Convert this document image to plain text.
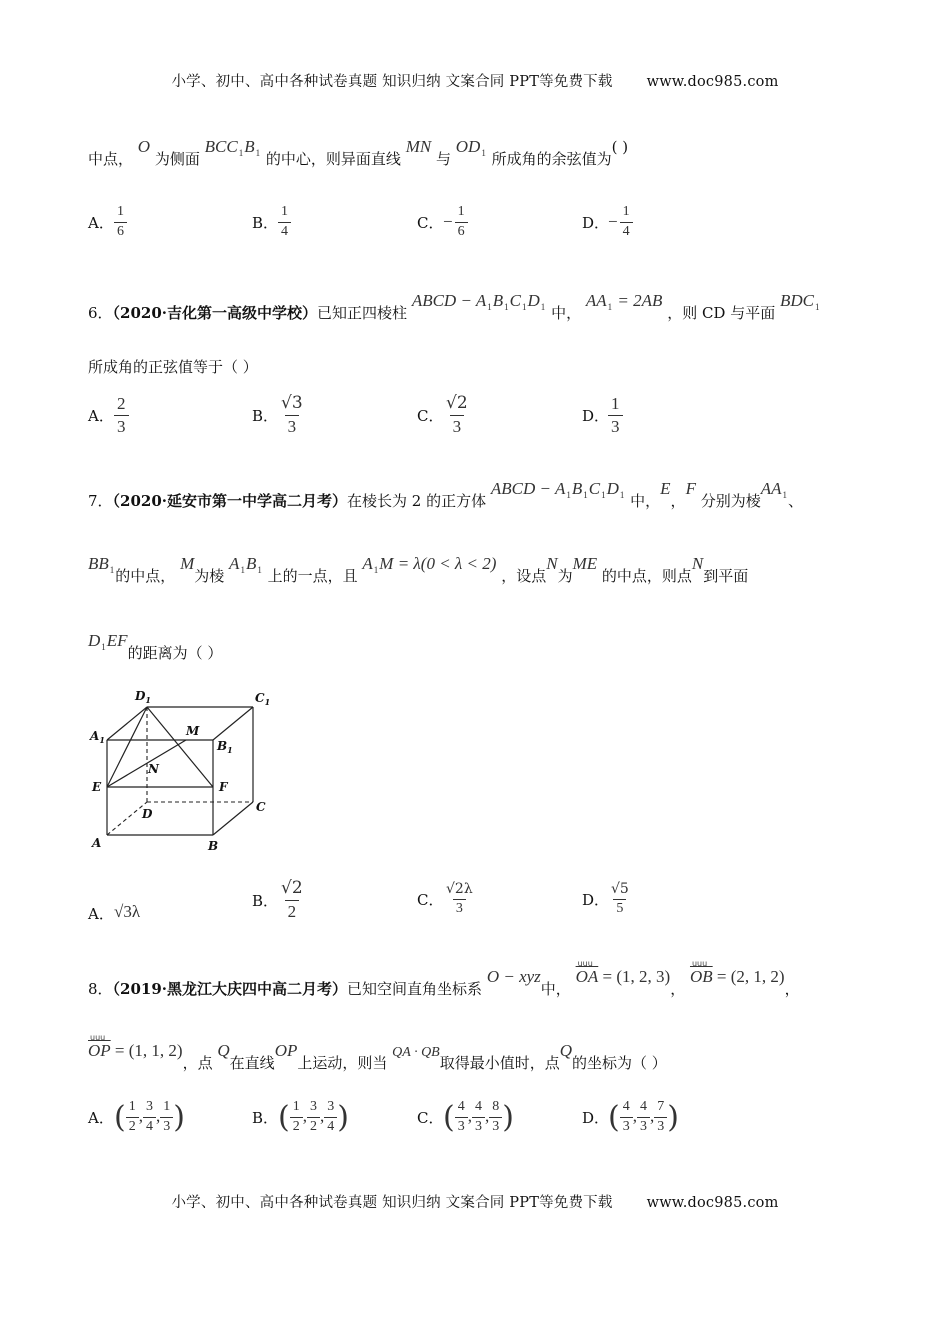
小学、初中、高中各种试卷真题 知识归纳 文案合同 PPT等免费下载 www.doc985.com
中点， O 为侧面 $BCC_1B_1$ 的中心，则异面直线 MN 与 $OD_1$ 所成角的余弦值为( )
A． $\frac{1}{6}$	B． $\frac{1}{4}$	C．− $\frac{1}{6}$	D．− $\frac{1}{4}$
6．（2020·吉化第一高级中学校）已知正四棱柱 ABCD − $A_1B_1C_1D_1$ 中， $AA_1 = 2AB$ ，则 CD 与平面 $BDC_1$
所成角的正弦值等于（ ）
A． $\frac{2}{3}$	B． $\frac{√3}{3}$	C． $\frac{√2}{3}$	D．
$\frac{1}{3}$
7．（2020·延安市第一中学高二月考）在棱长为 2 的正方体 ABCD − $A_1B_1C_1D_1$ 中，E，F 分别为棱$AA_1$、
$BB_1$的中点， M为棱 $A_1B_1$ 上的一点，且 $A_1M = \lambda(0 < \lambda < 2)$ ，设点N为ME 的中点，则点N到平面
$D_1EF$的距离为（ ）
$D_1$	$C_1$
$A_1$	$B_1$
M
N
E	F
D	C
A	B
A．√3λ
B． $\frac{√2}{2}$	C． $\frac{√2\lambda}{3}$	D．
$\frac{√5}{5}$
8．（2019·黑龙江大庆四中高二月考）已知空间直角坐标系 O − xyz中，
uuu
$\overline{OA} = (1$, 2, 3)，
uuu
$\overline{OB} = (2$, 1, 2)，
uuu
$\overline{OP} = (1$, 1, 2)，点 Q在直线OP上运动，则当 QA · QB取得最小值时，点Q的坐标为（ ）
A．( $\frac{1}{2}$ , $\frac{3}{4}$ , $\frac{1}{3}$ )	B．( $\frac{1}{2}$ , $\frac{3}{2}$ , $\frac{3}{4}$ )	C．( $\frac{4}{3}$ , $\frac{4}{3}$ , $\frac{8}{3}$ )	D．( $\frac{4}{3}$ , $\frac{4}{3}$ , $\frac{7}{3}$ )
小学、初中、高中各种试卷真题 知识归纳 文案合同 PPT等免费下载 www.doc985.com
